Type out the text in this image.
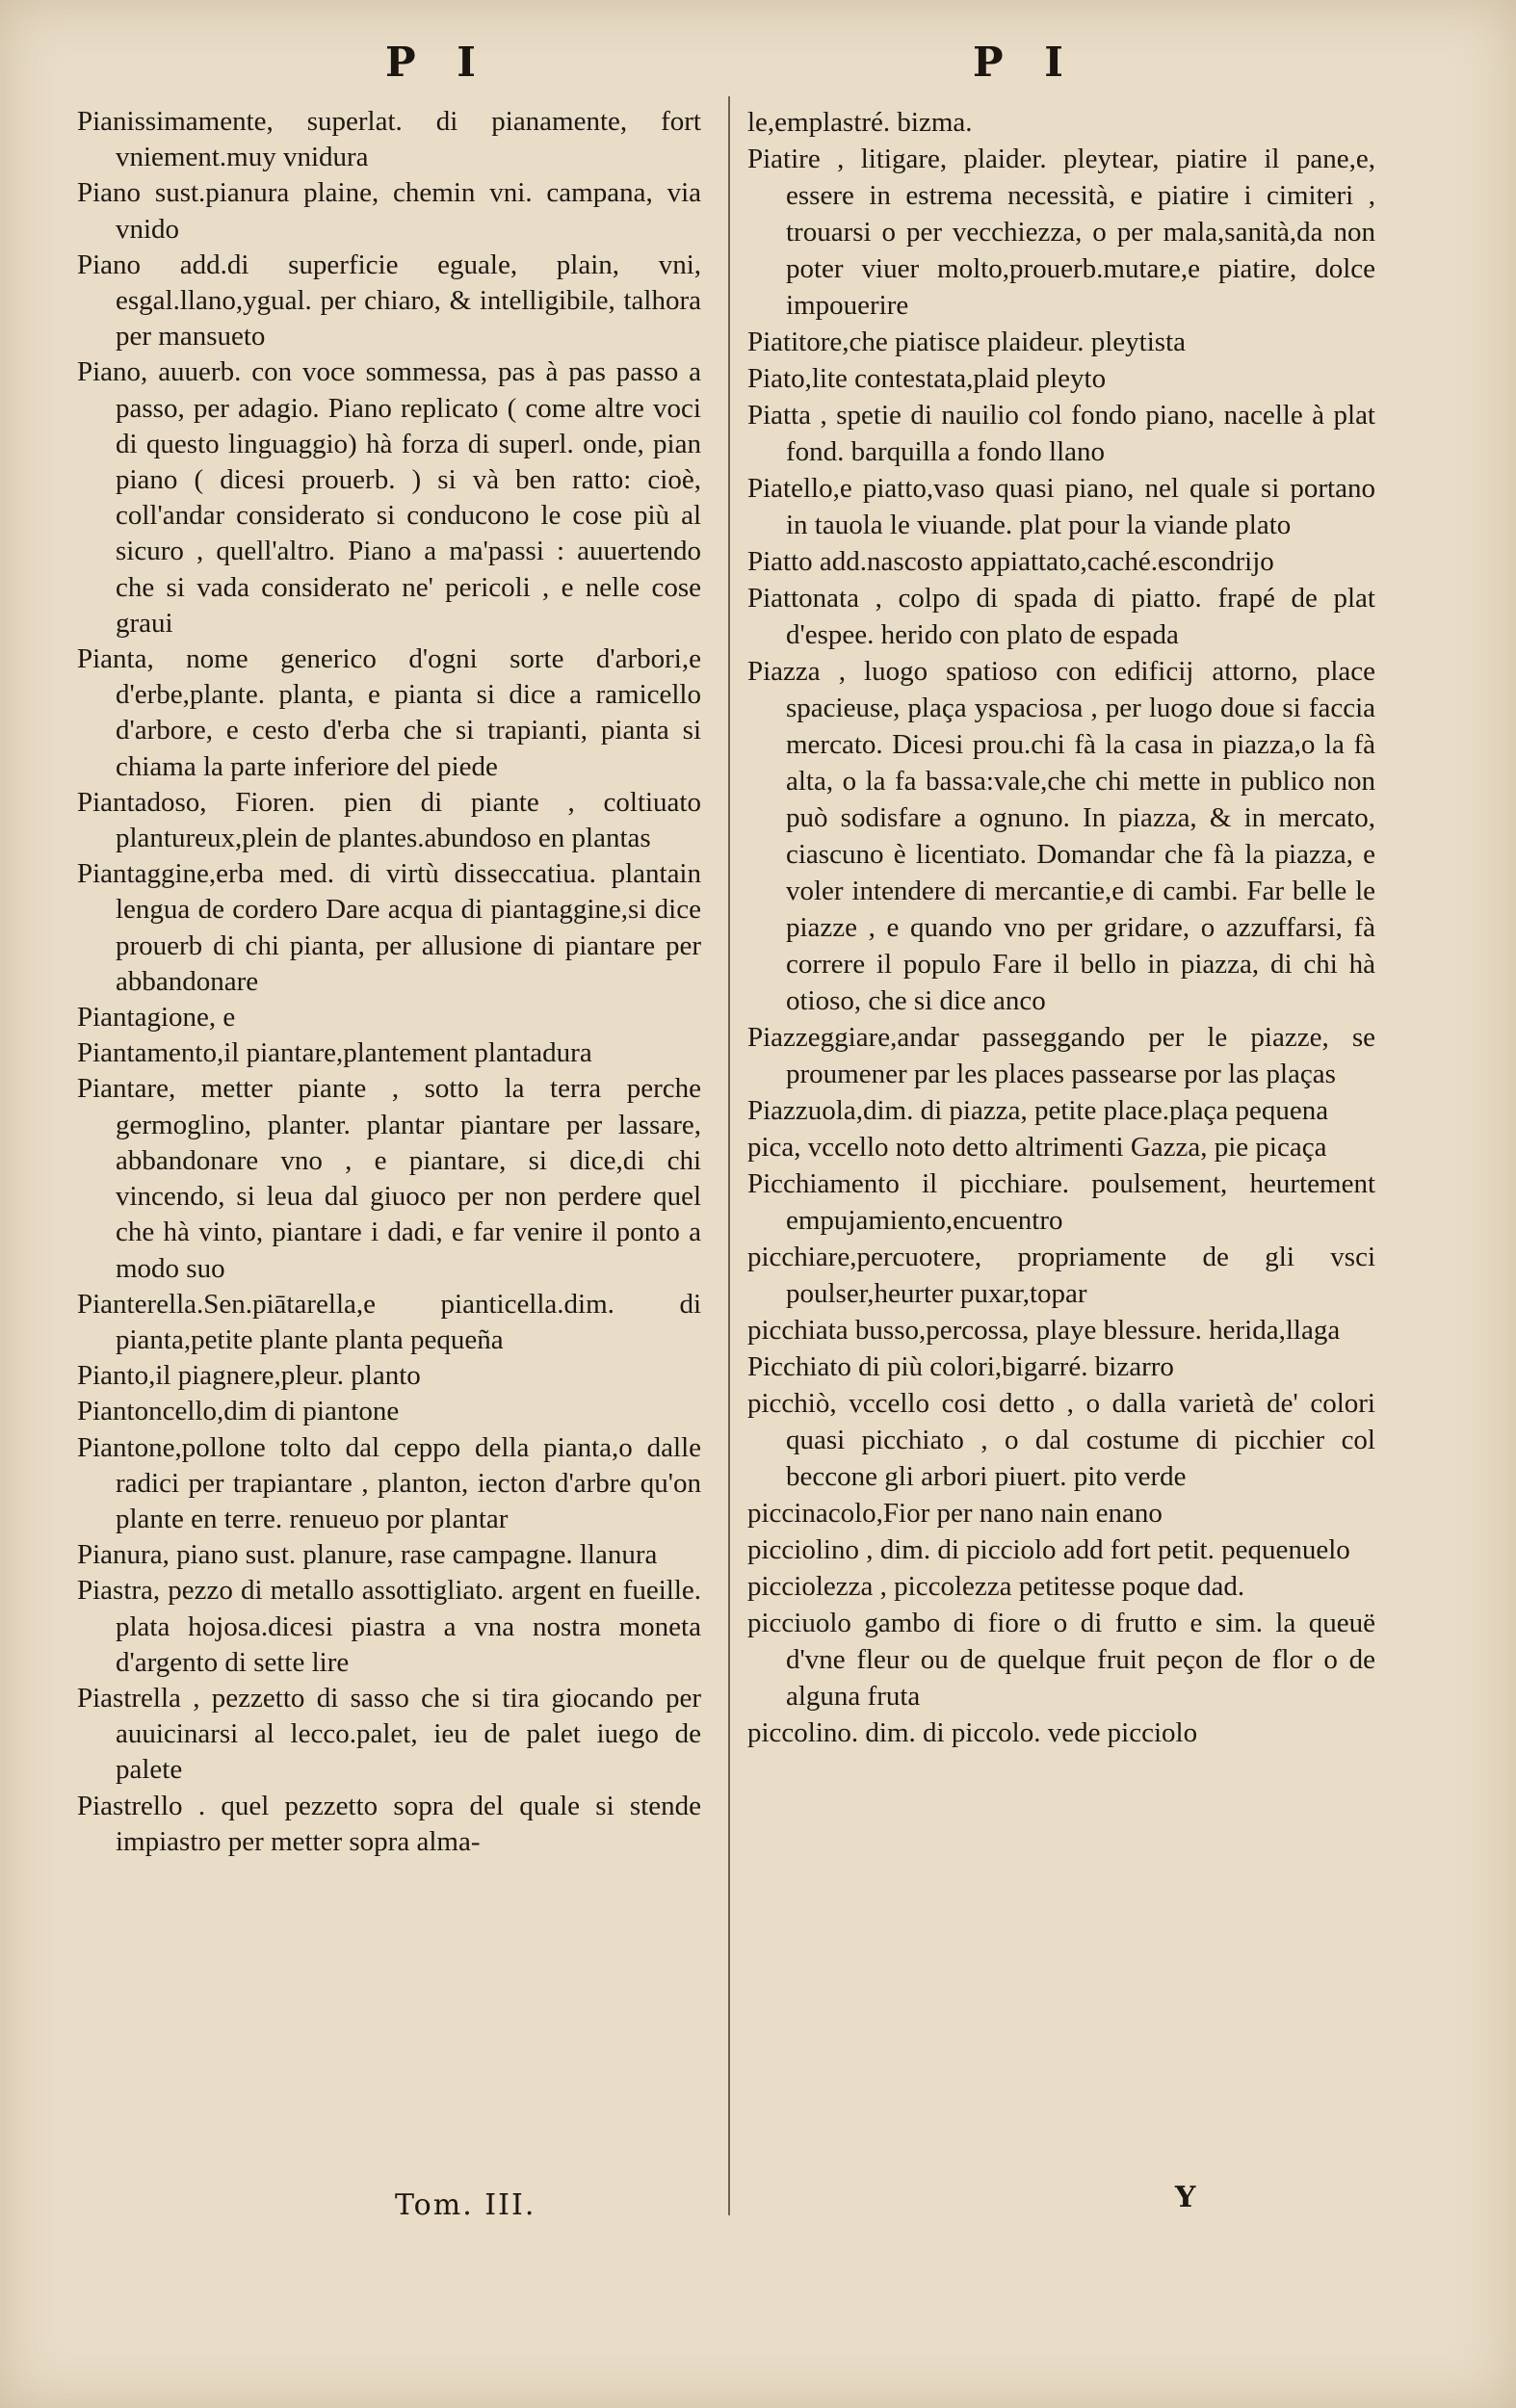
P I	P I
Pianissimamente, superlat. di pianamente, fort vniement.muy vnidura
Piano sust.pianura plaine, chemin vni. campana, via vnido
Piano add.di superficie eguale, plain, vni, esgal.llano,ygual. per chiaro, & intelligibile, talhora per mansueto
Piano, auuerb. con voce sommessa, pas à pas passo a passo, per adagio. Piano replicato ( come altre voci di questo linguaggio) hà forza di superl. onde, pian piano ( dicesi prouerb. ) si và ben ratto: cioè, coll'andar considerato si conducono le cose più al sicuro , quell'altro. Piano a ma'passi : auuertendo che si vada considerato ne' pericoli , e nelle cose graui
Pianta, nome generico d'ogni sorte d'arbori,e d'erbe,plante. planta, e pianta si dice a ramicello d'arbore, e cesto d'erba che si trapianti, pianta si chiama la parte inferiore del piede
Piantadoso, Fioren. pien di piante , coltiuato plantureux,plein de plantes.abundoso en plantas
Piantaggine,erba med. di virtù disseccatiua. plantain lengua de cordero Dare acqua di piantaggine,si dice prouerb di chi pianta, per allusione di piantare per abbandonare
Piantagione, e
Piantamento,il piantare,plantement plantadura
Piantare, metter piante , sotto la terra perche germoglino, planter. plantar piantare per lassare, abbandonare vno , e piantare, si dice,di chi vincendo, si leua dal giuoco per non perdere quel che hà vinto, piantare i dadi, e far venire il ponto a modo suo
Pianterella.Sen.piātarella,e pianticella.dim. di pianta,petite plante planta pequeña
Pianto,il piagnere,pleur. planto
Piantoncello,dim di piantone
Piantone,pollone tolto dal ceppo della pianta,o dalle radici per trapiantare , planton, iecton d'arbre qu'on plante en terre. renueuo por plantar
Pianura, piano sust. planure, rase campagne. llanura
Piastra, pezzo di metallo assottigliato. argent en fueille. plata hojosa.dicesi piastra a vna nostra moneta d'argento di sette lire
Piastrella , pezzetto di sasso che si tira giocando per auuicinarsi al lecco.palet, ieu de palet iuego de palete
Piastrello . quel pezzetto sopra del quale si stende impiastro per metter sopra alma-
le,emplastré. bizma.
Piatire , litigare, plaider. pleytear, piatire il pane,e, essere in estrema necessità, e piatire i cimiteri , trouarsi o per vecchiezza, o per mala,sanità,da non poter viuer molto,prouerb.mutare,e piatire, dolce impouerire
Piatitore,che piatisce plaideur. pleytista
Piato,lite contestata,plaid pleyto
Piatta , spetie di nauilio col fondo piano, nacelle à plat fond. barquilla a fondo llano
Piatello,e piatto,vaso quasi piano, nel quale si portano in tauola le viuande. plat pour la viande plato
Piatto add.nascosto appiattato,caché.escondrijo
Piattonata , colpo di spada di piatto. frapé de plat d'espee. herido con plato de espada
Piazza , luogo spatioso con edificij attorno, place spacieuse, plaça yspaciosa , per luogo doue si faccia mercato. Dicesi prou.chi fà la casa in piazza,o la fà alta, o la fa bassa:vale,che chi mette in publico non può sodisfare a ognuno. In piazza, & in mercato, ciascuno è licentiato. Domandar che fà la piazza, e voler intendere di mercantie,e di cambi. Far belle le piazze , e quando vno per gridare, o azzuffarsi, fà correre il populo Fare il bello in piazza, di chi hà otioso, che si dice anco
Piazzeggiare,andar passeggando per le piazze, se proumener par les places passearse por las plaças
Piazzuola,dim. di piazza, petite place.plaça pequena
pica, vccello noto detto altrimenti Gazza, pie picaça
Picchiamento il picchiare. poulsement, heurtement empujamiento,encuentro
picchiare,percuotere, propriamente de gli vsci poulser,heurter puxar,topar
picchiata busso,percossa, playe blessure. herida,llaga
Picchiato di più colori,bigarré. bizarro
picchiò, vccello cosi detto , o dalla varietà de' colori quasi picchiato , o dal costume di picchier col beccone gli arbori piuert. pito verde
piccinacolo,Fior per nano nain enano
picciolino , dim. di picciolo add fort petit. pequenuelo
picciolezza , piccolezza petitesse poque dad.
picciuolo gambo di fiore o di frutto e sim. la queuë d'vne fleur ou de quelque fruit peçon de flor o de alguna fruta
piccolino. dim. di piccolo. vede picciolo
Tom. III.	Y
